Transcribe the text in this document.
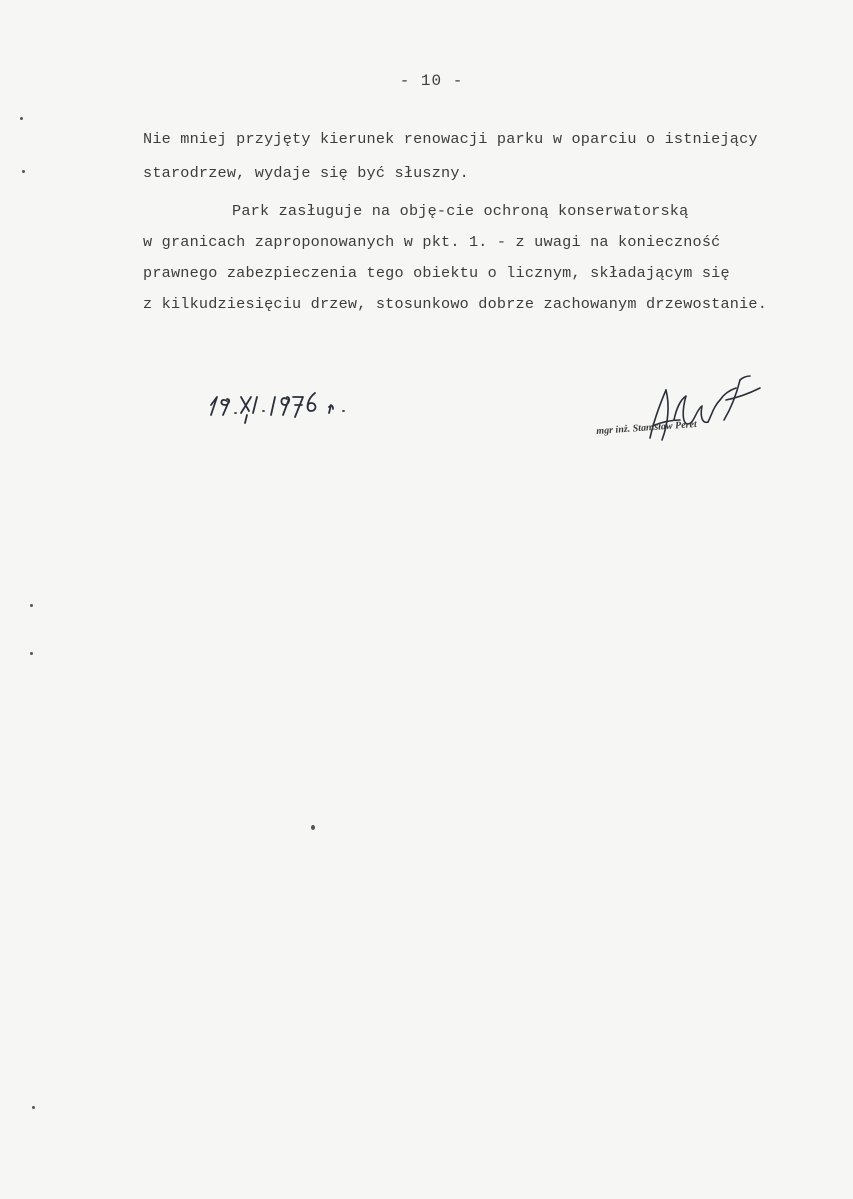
- 10 -
Nie mniej przyjęty kierunek renowacji parku w oparciu o istniejący
starodrzew, wydaje się być słuszny.
Park zasługuje na obję-cie ochroną konserwatorską
w granicach zaproponowanych w pkt. 1. - z uwagi na konieczność
prawnego zabezpieczenia tego obiektu o licznym, składającym się
z kilkudziesięciu drzew, stosunkowo dobrze zachowanym drzewostanie.
mgr inż. Stanisław Peret
